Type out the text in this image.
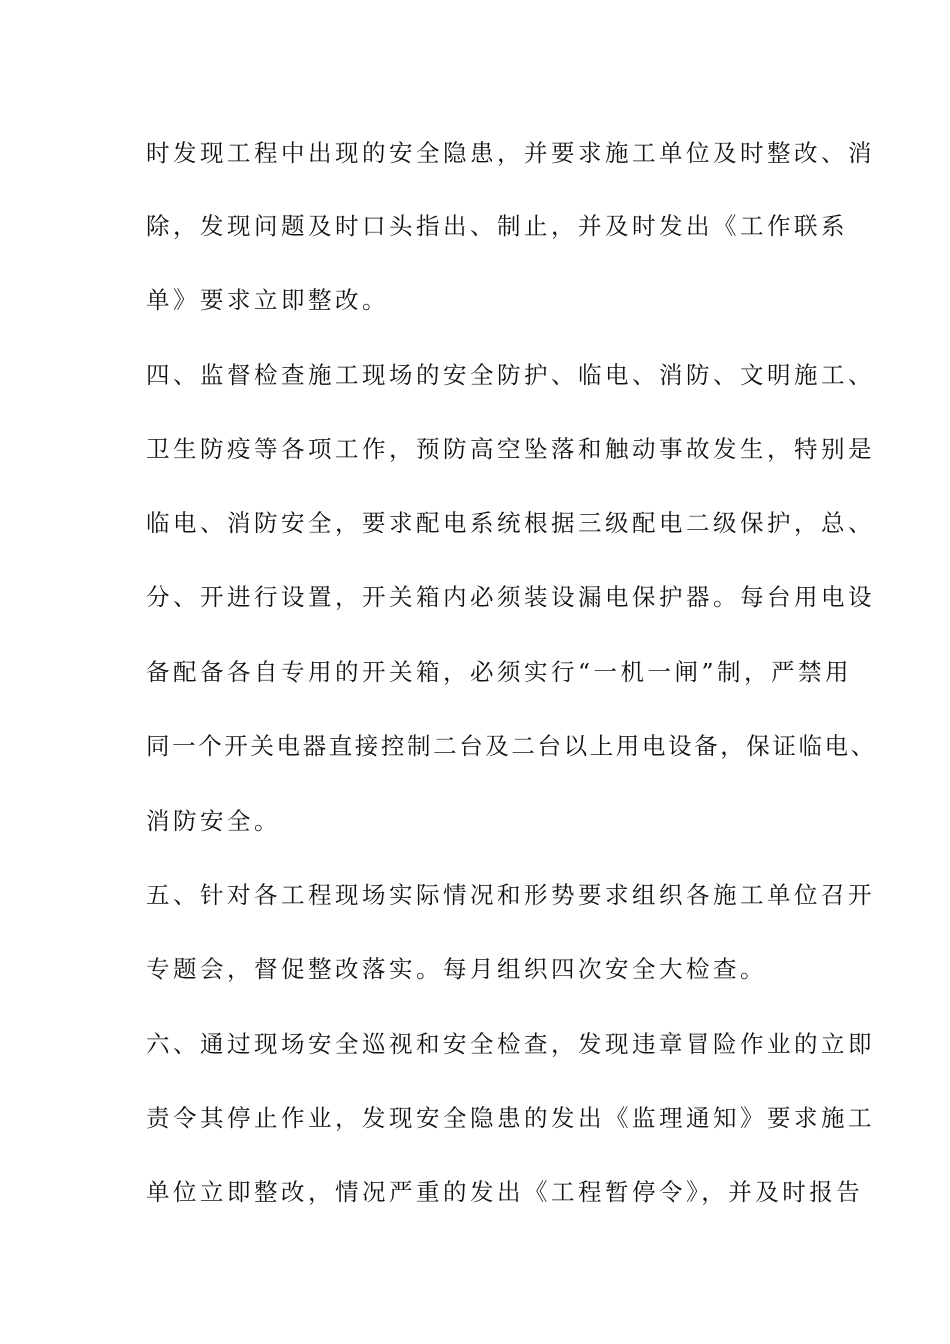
时发现工程中出现的安全隐患，并要求施工单位及时整改、消
除，发现问题及时口头指出、制止，并及时发出《工作联系
单》要求立即整改。
四、监督检查施工现场的安全防护、临电、消防、文明施工、
卫生防疫等各项工作，预防高空坠落和触动事故发生，特别是
临电、消防安全，要求配电系统根据三级配电二级保护，总、
分、开进行设置，开关箱内必须装设漏电保护器。每台用电设
备配备各自专用的开关箱，必须实行“一机一闸”制，严禁用
同一个开关电器直接控制二台及二台以上用电设备，保证临电、
消防安全。
五、针对各工程现场实际情况和形势要求组织各施工单位召开
专题会，督促整改落实。每月组织四次安全大检查。
六、通过现场安全巡视和安全检查，发现违章冒险作业的立即
责令其停止作业，发现安全隐患的发出《监理通知》要求施工
单位立即整改，情况严重的发出《工程暂停令》，并及时报告
